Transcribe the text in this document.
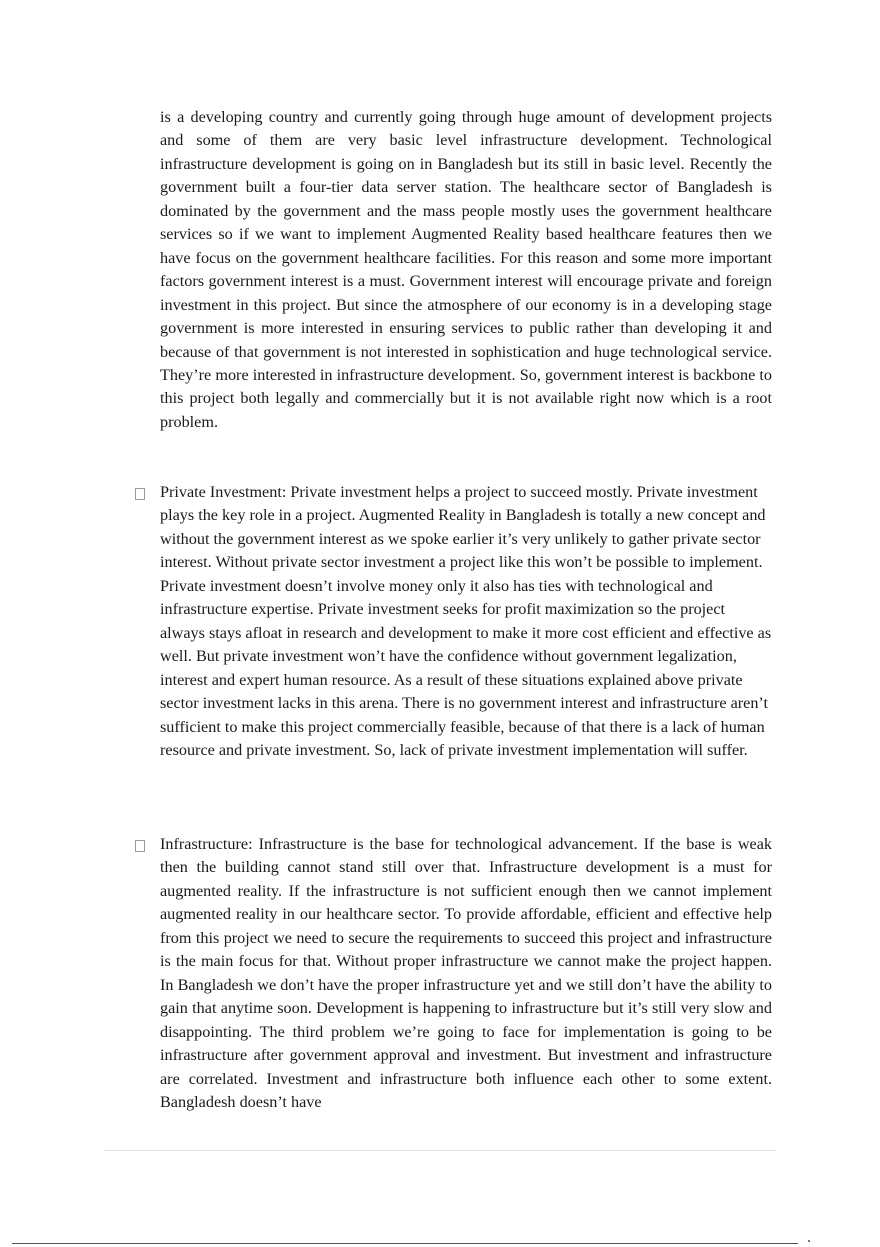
is a developing country and currently going through huge amount of development projects and some of them are very basic level infrastructure development. Technological infrastructure development is going on in Bangladesh but its still in basic level. Recently the government built a four-tier data server station. The healthcare sector of Bangladesh is dominated by the government and the mass people mostly uses the government healthcare services so if we want to implement Augmented Reality based healthcare features then we have focus on the government healthcare facilities. For this reason and some more important factors government interest is a must. Government interest will encourage private and foreign investment in this project. But since the atmosphere of our economy is in a developing stage government is more interested in ensuring services to public rather than developing it and because of that government is not interested in sophistication and huge technological service. They’re more interested in infrastructure development. So, government interest is backbone to this project both legally and commercially but it is not available right now which is a root problem.

Private Investment: Private investment helps a project to succeed mostly. Private investment plays the key role in a project. Augmented Reality in Bangladesh is totally a new concept and without the government interest as we spoke earlier it’s very unlikely to gather private sector interest. Without private sector investment a project like this won’t be possible to implement. Private investment doesn’t involve money only it also has ties with technological and infrastructure expertise. Private investment seeks for profit maximization so the project always stays afloat in research and development to make it more cost efficient and effective as well. But private investment won’t have the confidence without government legalization, interest and expert human resource. As a result of these situations explained above private sector investment lacks in this arena. There is no government interest and infrastructure aren’t sufficient to make this project commercially feasible, because of that there is a lack of human resource and private investment. So, lack of private investment implementation will suffer.

Infrastructure: Infrastructure is the base for technological advancement. If the base is weak then the building cannot stand still over that. Infrastructure development is a must for augmented reality. If the infrastructure is not sufficient enough then we cannot implement augmented reality in our healthcare sector. To provide affordable, efficient and effective help from this project we need to secure the requirements to succeed this project and infrastructure is the main focus for that. Without proper infrastructure we cannot make the project happen. In Bangladesh we don’t have the proper infrastructure yet and we still don’t have the ability to gain that anytime soon. Development is happening to infrastructure but it’s still very slow and disappointing. The third problem we’re going to face for implementation is going to be infrastructure after government approval and investment. But investment and infrastructure are correlated. Investment and infrastructure both influence each other to some extent. Bangladesh doesn’t have
